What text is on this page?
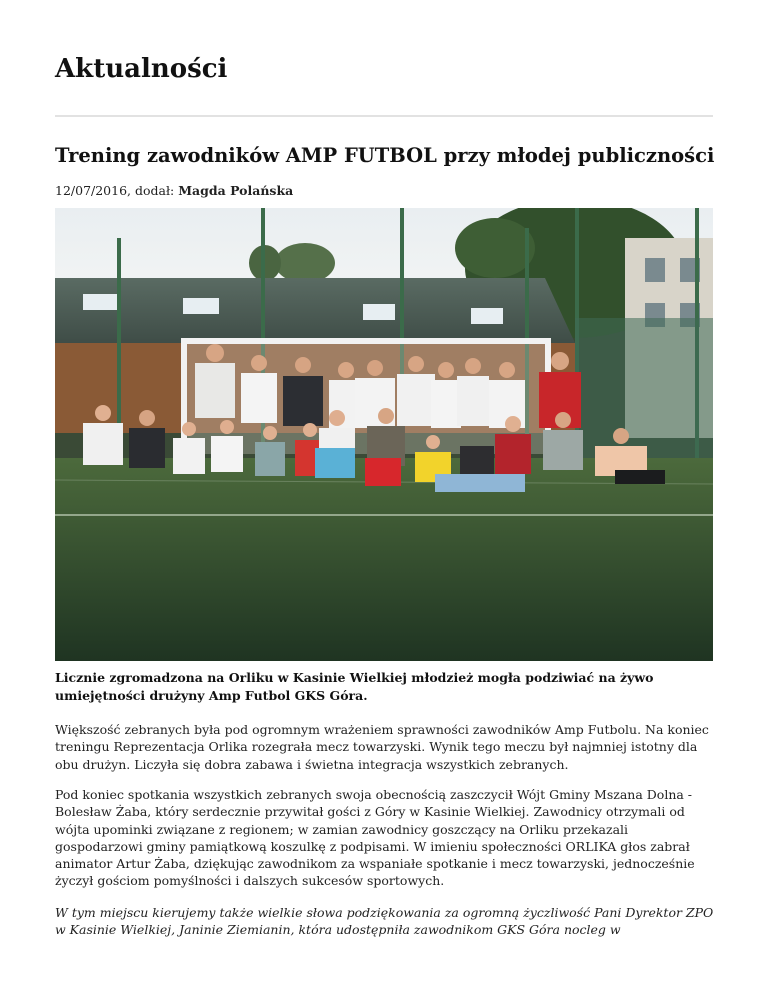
Aktualności
Trening zawodników AMP FUTBOL przy młodej publiczności
12/07/2016, dodał: Magda Polańska
Licznie zgromadzona na Orliku w Kasinie Wielkiej młodzież mogła podziwiać na żywo umiejętności drużyny Amp Futbol GKS Góra.

Większość zebranych była pod ogromnym wrażeniem sprawności zawodników Amp Futbolu. Na koniec treningu Reprezentacja Orlika rozegrała mecz towarzyski. Wynik tego meczu był najmniej istotny dla obu drużyn. Liczyła się dobra zabawa i świetna integracja wszystkich zebranych.

Pod koniec spotkania wszystkich zebranych swoja obecnością zaszczycił Wójt Gminy Mszana Dolna - Bolesław Żaba, który serdecznie przywitał gości z Góry w Kasinie Wielkiej. Zawodnicy otrzymali od wójta upominki związane z regionem; w zamian zawodnicy goszczący na Orliku przekazali gospodarzowi gminy pamiątkową koszulkę z podpisami. W imieniu społeczności ORLIKA głos zabrał animator Artur Żaba, dziękując zawodnikom za wspaniałe spotkanie i mecz towarzyski, jednocześnie życzył gościom pomyślności i dalszych sukcesów sportowych.

W tym miejscu kierujemy także wielkie słowa podziękowania za ogromną życzliwość Pani Dyrektor ZPO w Kasinie Wielkiej, Janinie Ziemianin, która udostępniła zawodnikom GKS Góra nocleg w
